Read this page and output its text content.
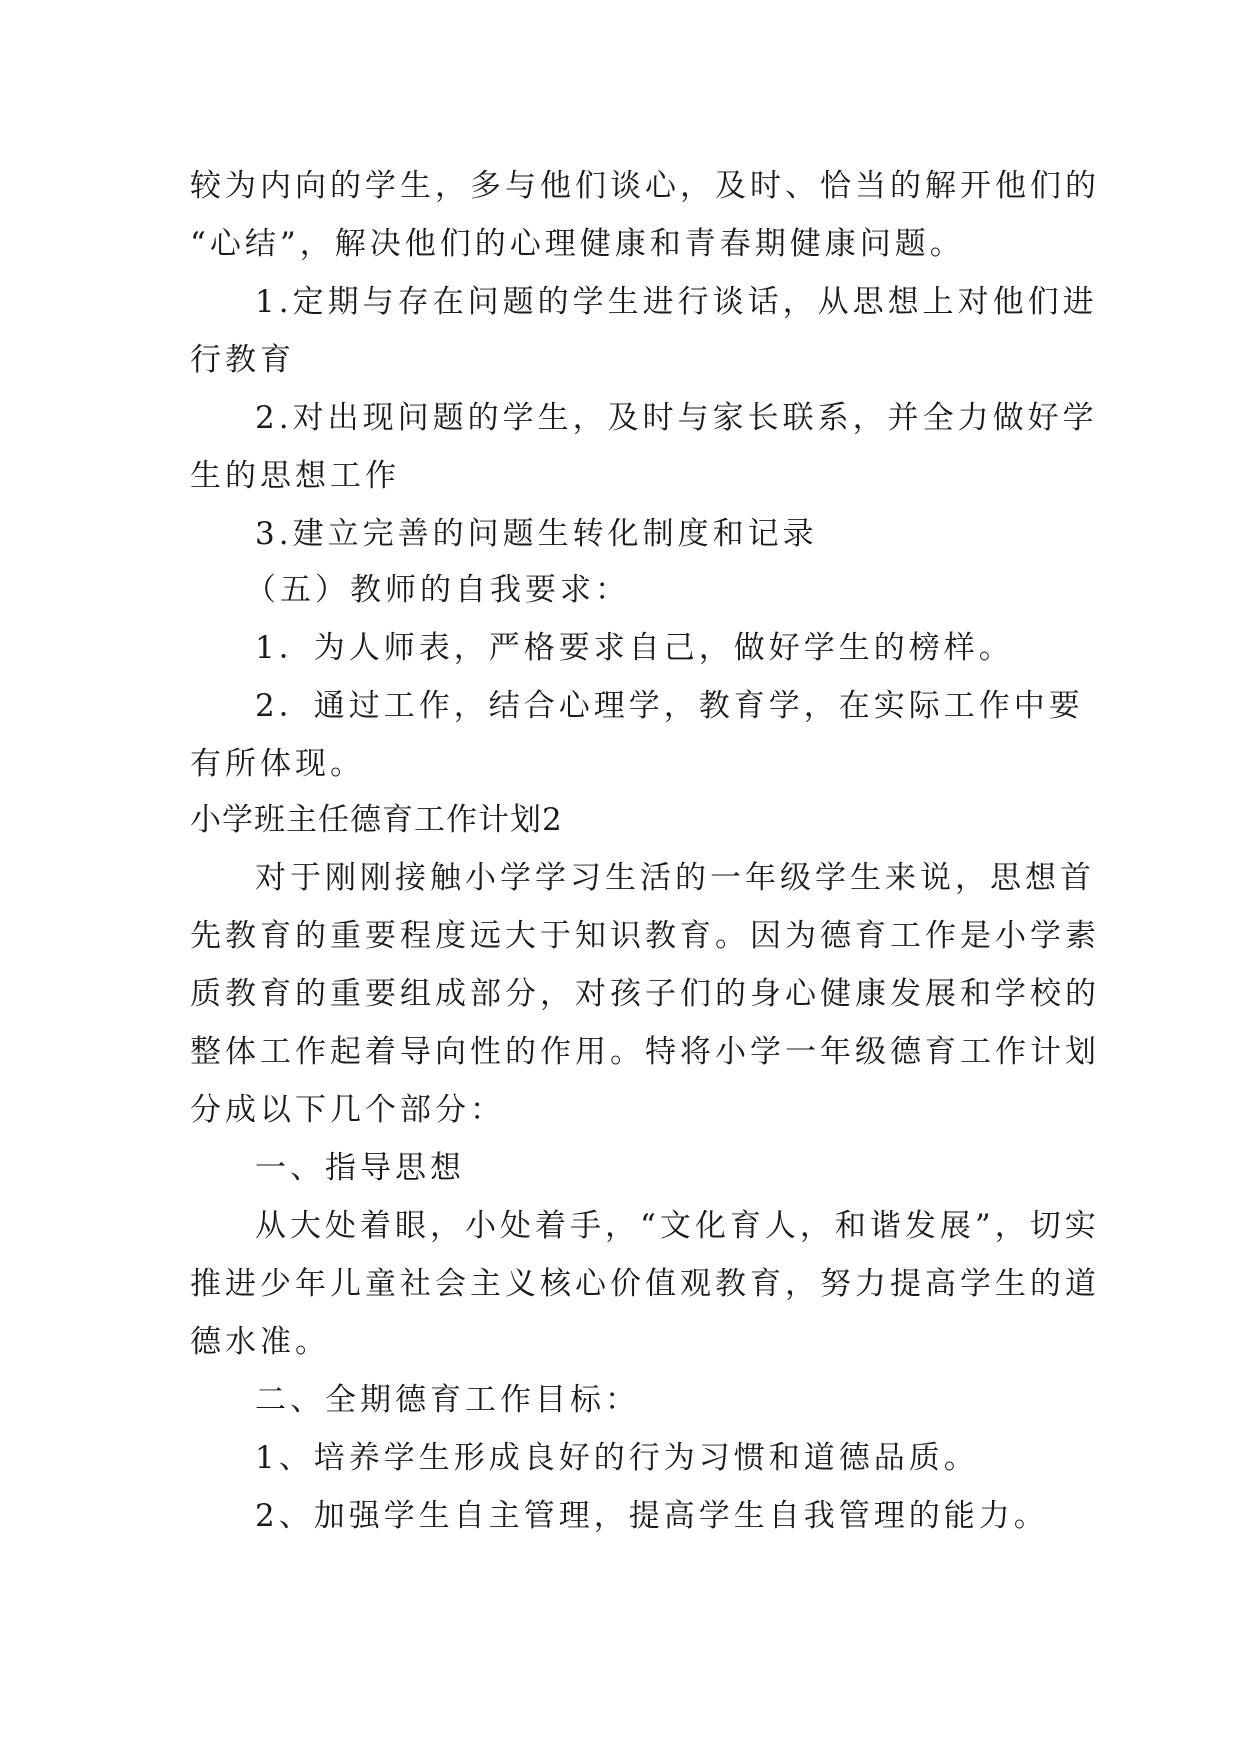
较为内向的学生，多与他们谈心，及时、恰当的解开他们的
“心结”，解决他们的心理健康和青春期健康问题。
1.定期与存在问题的学生进行谈话，从思想上对他们进
行教育
2.对出现问题的学生，及时与家长联系，并全力做好学
生的思想工作
3.建立完善的问题生转化制度和记录
（五）教师的自我要求：
1．为人师表，严格要求自己，做好学生的榜样。
2．通过工作，结合心理学，教育学，在实际工作中要
有所体现。
小学班主任德育工作计划2
对于刚刚接触小学学习生活的一年级学生来说，思想首
先教育的重要程度远大于知识教育。因为德育工作是小学素
质教育的重要组成部分，对孩子们的身心健康发展和学校的
整体工作起着导向性的作用。特将小学一年级德育工作计划
分成以下几个部分：
一、指导思想
从大处着眼，小处着手，“文化育人，和谐发展”，切实
推进少年儿童社会主义核心价值观教育，努力提高学生的道
德水准。
二、全期德育工作目标：
1、培养学生形成良好的行为习惯和道德品质。
2、加强学生自主管理，提高学生自我管理的能力。
